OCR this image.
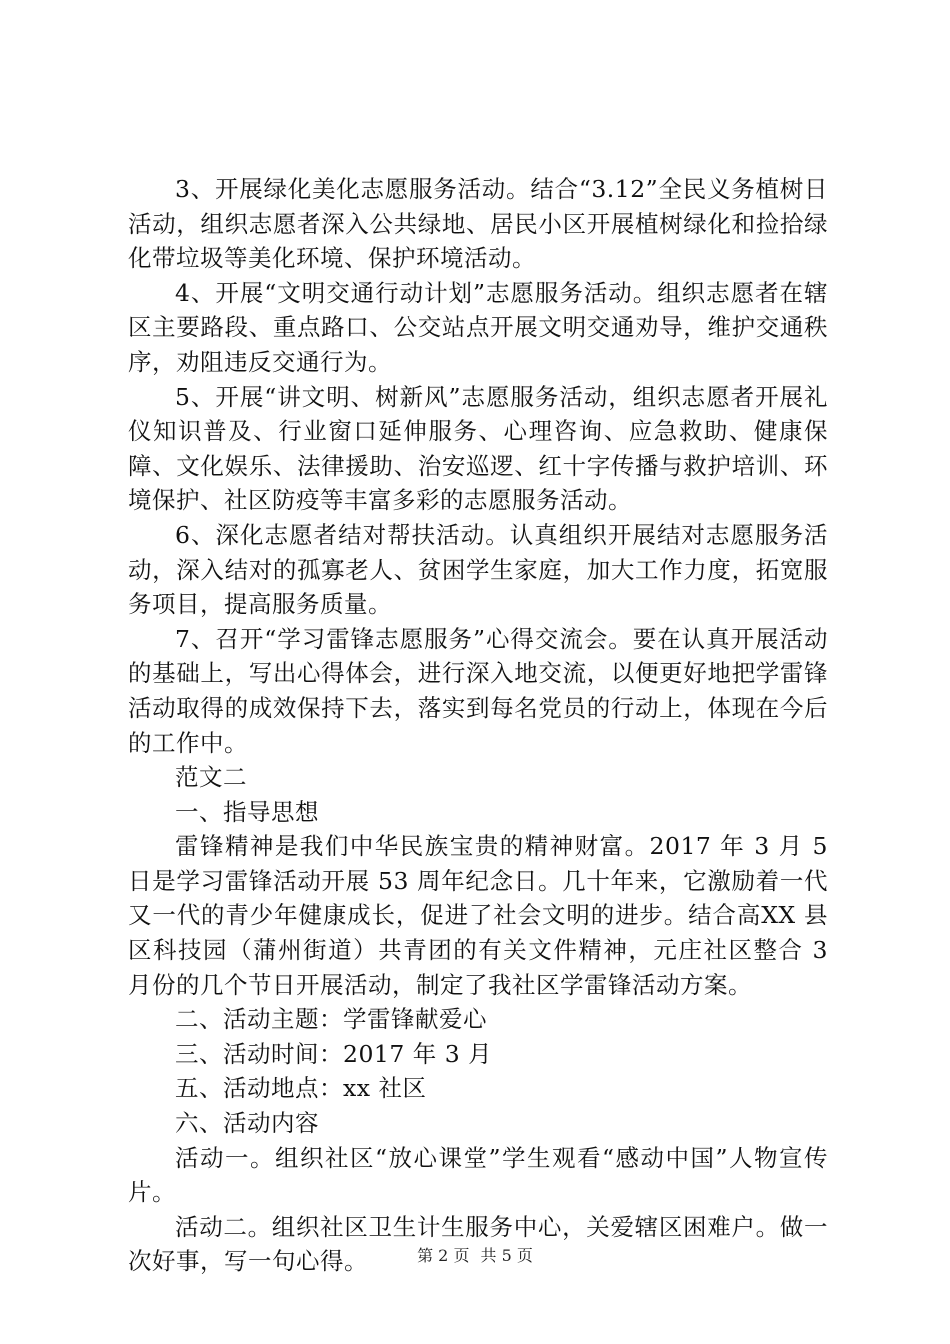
3、开展绿化美化志愿服务活动。结合“3.12”全民义务植树日活动，组织志愿者深入公共绿地、居民小区开展植树绿化和捡拾绿化带垃圾等美化环境、保护环境活动。

4、开展“文明交通行动计划”志愿服务活动。组织志愿者在辖区主要路段、重点路口、公交站点开展文明交通劝导，维护交通秩序，劝阻违反交通行为。

5、开展“讲文明、树新风”志愿服务活动，组织志愿者开展礼仪知识普及、行业窗口延伸服务、心理咨询、应急救助、健康保障、文化娱乐、法律援助、治安巡逻、红十字传播与救护培训、环境保护、社区防疫等丰富多彩的志愿服务活动。

6、深化志愿者结对帮扶活动。认真组织开展结对志愿服务活动，深入结对的孤寡老人、贫困学生家庭，加大工作力度，拓宽服务项目，提高服务质量。

7、召开“学习雷锋志愿服务”心得交流会。要在认真开展活动的基础上，写出心得体会，进行深入地交流，以便更好地把学雷锋活动取得的成效保持下去，落实到每名党员的行动上，体现在今后的工作中。

范文二

一、指导思想

雷锋精神是我们中华民族宝贵的精神财富。2017 年 3 月 5 日是学习雷锋活动开展 53 周年纪念日。几十年来，它激励着一代又一代的青少年健康成长，促进了社会文明的进步。结合高XX 县区科技园（蒲州街道）共青团的有关文件精神，元庄社区整合 3 月份的几个节日开展活动，制定了我社区学雷锋活动方案。

二、活动主题：学雷锋献爱心

三、活动时间：2017 年 3 月

五、活动地点：xx 社区

六、活动内容

活动一。组织社区“放心课堂”学生观看“感动中国”人物宣传片。

活动二。组织社区卫生计生服务中心，关爱辖区困难户。做一次好事，写一句心得。	第 2 页 共 5 页
